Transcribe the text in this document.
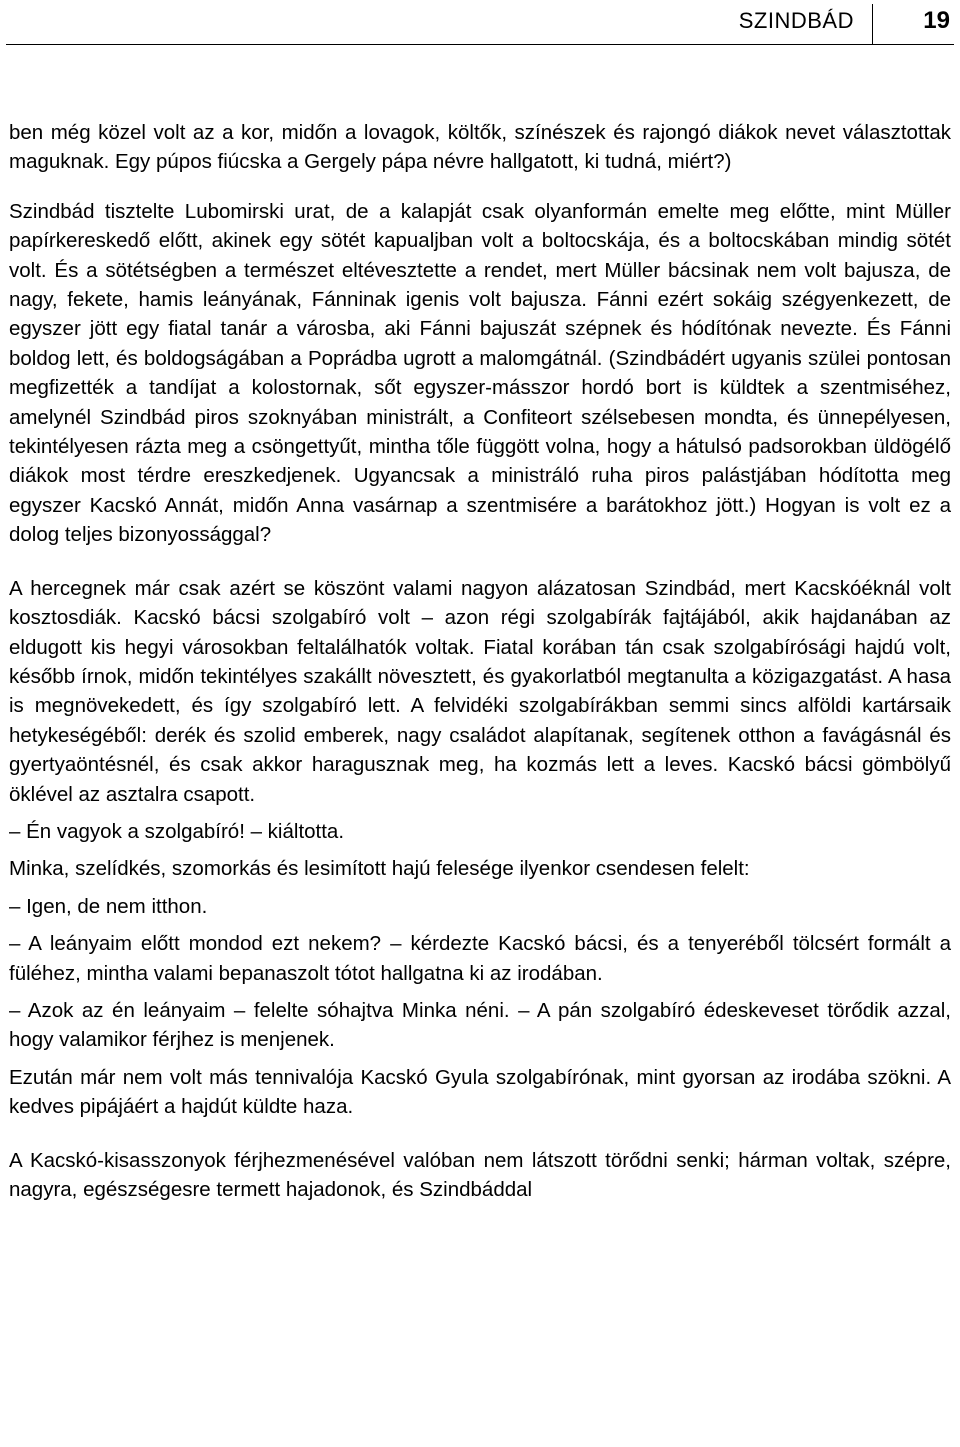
SZINDBÁD	19

ben még közel volt az a kor, midőn a lovagok, költők, színészek és rajongó diákok nevet választottak maguknak. Egy púpos fiúcska a Gergely pápa névre hallgatott, ki tudná, miért?)

Szindbád tisztelte Lubomirski urat, de a kalapját csak olyanformán emelte meg előtte, mint Müller papírkereskedő előtt, akinek egy sötét kapualjban volt a boltocskája, és a boltocskában mindig sötét volt. És a sötétségben a természet eltévesztette a rendet, mert Müller bácsinak nem volt bajusza, de nagy, fekete, hamis leányának, Fánninak igenis volt bajusza. Fánni ezért sokáig szégyenkezett, de egyszer jött egy fiatal tanár a városba, aki Fánni bajuszát szépnek és hódítónak nevezte. És Fánni boldog lett, és boldogságában a Poprádba ugrott a malomgátnál. (Szindbádért ugyanis szülei pontosan megfizették a tandíjat a kolostornak, sőt egyszer-másszor hordó bort is küldtek a szentmiséhez, amelynél Szindbád piros szoknyában ministrált, a Confiteort szélsebesen mondta, és ünnepélyesen, tekintélyesen rázta meg a csöngettyűt, mintha tőle függött volna, hogy a hátulsó padsorokban üldögélő diákok most térdre ereszkedjenek. Ugyancsak a ministráló ruha piros palástjában hódította meg egyszer Kacskó Annát, midőn Anna vasárnap a szentmisére a barátokhoz jött.) Hogyan is volt ez a dolog teljes bizonyossággal?

A hercegnek már csak azért se köszönt valami nagyon alázatosan Szindbád, mert Kacskóéknál volt kosztosdiák. Kacskó bácsi szolgabíró volt – azon régi szolgabírák fajtájából, akik hajdanában az eldugott kis hegyi városokban feltalálhatók voltak. Fiatal korában tán csak szolgabírósági hajdú volt, később írnok, midőn tekintélyes szakállt növesztett, és gyakorlatból megtanulta a közigazgatást. A hasa is megnövekedett, és így szolgabíró lett. A felvidéki szolgabírákban semmi sincs alföldi kartársaik hetykeségéből: derék és szolid emberek, nagy családot alapítanak, segítenek otthon a favágásnál és gyertyaöntésnél, és csak akkor haragusznak meg, ha kozmás lett a leves. Kacskó bácsi gömbölyű öklével az asztalra csapott.

– Én vagyok a szolgabíró! – kiáltotta.

Minka, szelídkés, szomorkás és lesimított hajú felesége ilyenkor csendesen felelt:

– Igen, de nem itthon.

– A leányaim előtt mondod ezt nekem? – kérdezte Kacskó bácsi, és a tenyeréből tölcsért formált a füléhez, mintha valami bepanaszolt tótot hallgatna ki az irodában.

– Azok az én leányaim – felelte sóhajtva Minka néni. – A pán szolgabíró édeskeveset törődik azzal, hogy valamikor férjhez is menjenek.

Ezután már nem volt más tennivalója Kacskó Gyula szolgabírónak, mint gyorsan az irodába szökni. A kedves pipájáért a hajdút küldte haza.

A Kacskó-kisasszonyok férjhezmenésével valóban nem látszott törődni senki; hárman voltak, szépre, nagyra, egészségesre termett hajadonok, és Szindbáddal
